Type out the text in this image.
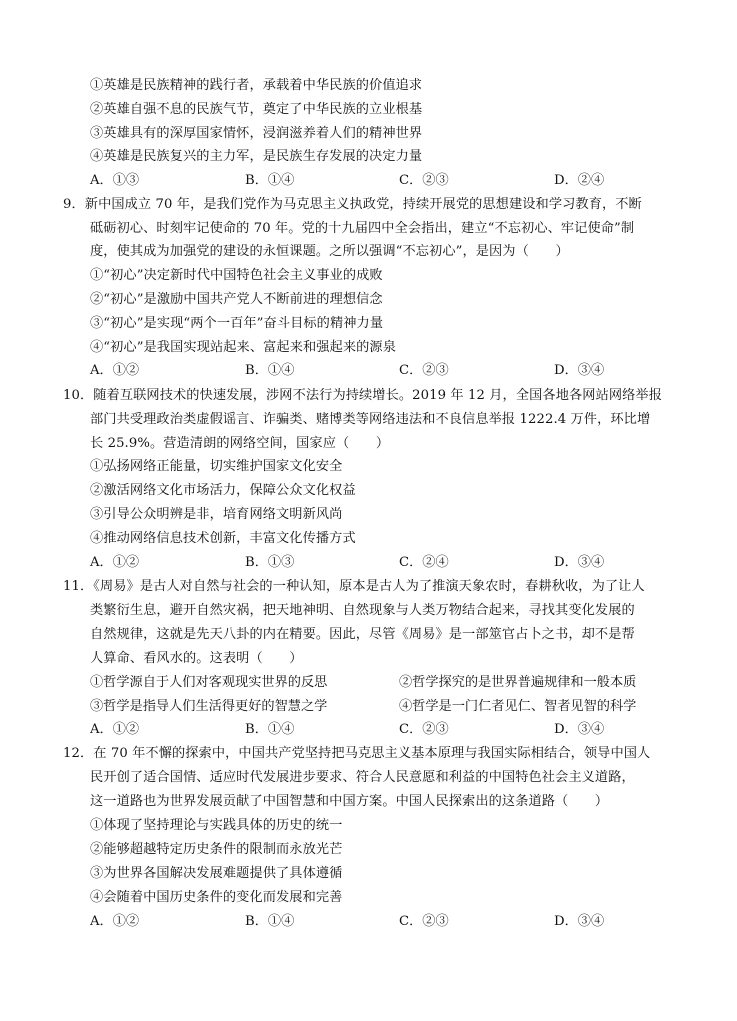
①英雄是民族精神的践行者，承载着中华民族的价值追求
②英雄自强不息的民族气节，奠定了中华民族的立业根基
③英雄具有的深厚国家情怀，浸润滋养着人们的精神世界
④英雄是民族复兴的主力军，是民族生存发展的决定力量
A．①③	B．①④	C．②③	D．②④
9．新中国成立 70 年，是我们党作为马克思主义执政党，持续开展党的思想建设和学习教育，不断
砥砺初心、时刻牢记使命的 70 年。党的十九届四中全会指出，建立“不忘初心、牢记使命”制
度，使其成为加强党的建设的永恒课题。之所以强调“不忘初心”，是因为（　　）
①“初心”决定新时代中国特色社会主义事业的成败
②“初心”是激励中国共产党人不断前进的理想信念
③“初心”是实现“两个一百年”奋斗目标的精神力量
④“初心”是我国实现站起来、富起来和强起来的源泉
A．①②	B．①④	C．②③	D．③④
10．随着互联网技术的快速发展，涉网不法行为持续增长。2019 年 12 月，全国各地各网站网络举报
部门共受理政治类虚假谣言、诈骗类、赌博类等网络违法和不良信息举报 1222.4 万件，环比增
长 25.9%。营造清朗的网络空间，国家应（　　）
①弘扬网络正能量，切实维护国家文化安全
②激活网络文化市场活力，保障公众文化权益
③引导公众明辨是非，培育网络文明新风尚
④推动网络信息技术创新，丰富文化传播方式
A．①②	B．①③	C．②④	D．③④
11．《周易》是古人对自然与社会的一种认知，原本是古人为了推演天象农时，春耕秋收，为了让人
类繁衍生息，避开自然灾祸，把天地神明、自然现象与人类万物结合起来，寻找其变化发展的
自然规律，这就是先天八卦的内在精要。因此，尽管《周易》是一部筮官占卜之书，却不是帮
人算命、看风水的。这表明（　　）
①哲学源自于人们对客观现实世界的反思	②哲学探究的是世界普遍规律和一般本质
③哲学是指导人们生活得更好的智慧之学	④哲学是一门仁者见仁、智者见智的科学
A．①②	B．①④	C．②③	D．③④
12．在 70 年不懈的探索中，中国共产党坚持把马克思主义基本原理与我国实际相结合，领导中国人
民开创了适合国情、适应时代发展进步要求、符合人民意愿和利益的中国特色社会主义道路，
这一道路也为世界发展贡献了中国智慧和中国方案。中国人民探索出的这条道路（　　）
①体现了坚持理论与实践具体的历史的统一
②能够超越特定历史条件的限制而永放光芒
③为世界各国解决发展难题提供了具体遵循
④会随着中国历史条件的变化而发展和完善
A．①②	B．①④	C．②③	D．③④
